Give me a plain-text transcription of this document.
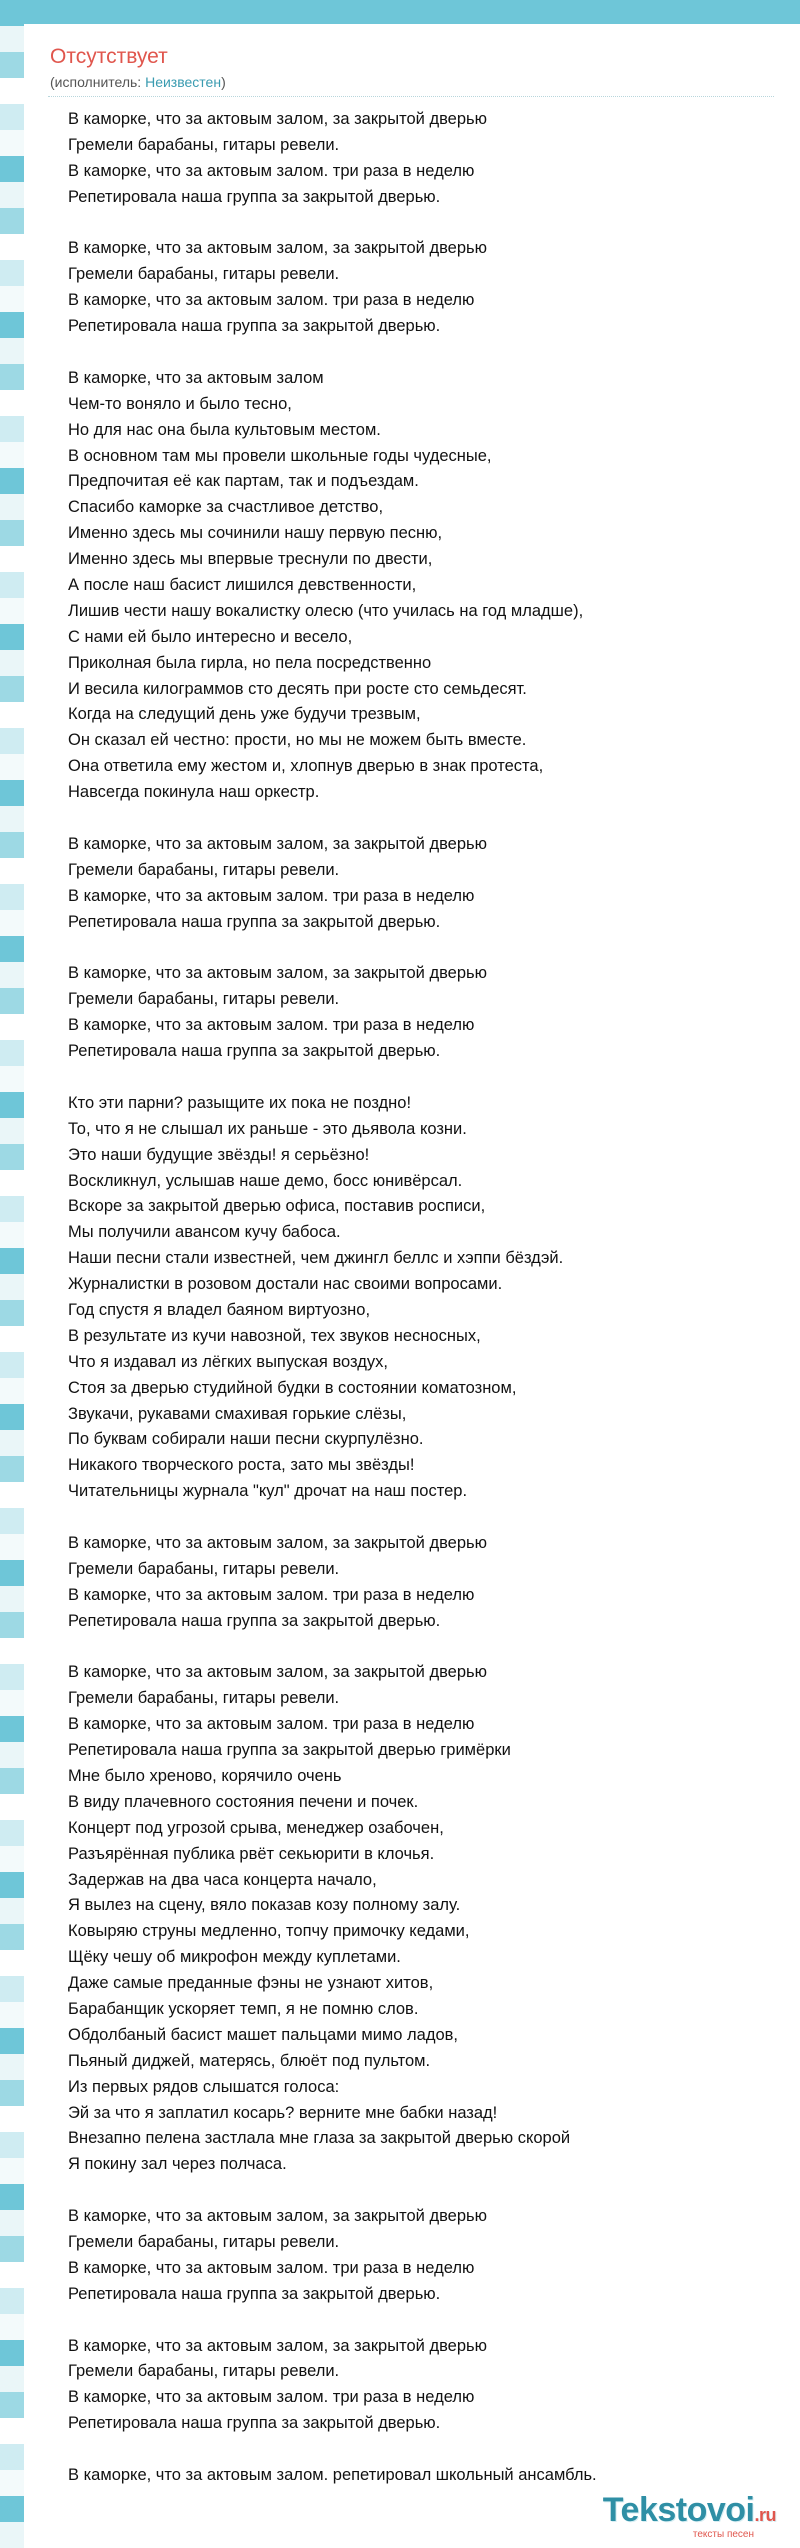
Отсутствует
(исполнитель: Неизвестен)
В каморке, что за актовым залом, за закрытой дверью
Гремели барабаны, гитары ревели.
В каморке, что за актовым залом. три раза в неделю
Репетировала наша группа за закрытой дверью.
В каморке, что за актовым залом, за закрытой дверью
Гремели барабаны, гитары ревели.
В каморке, что за актовым залом. три раза в неделю
Репетировала наша группа за закрытой дверью.
В каморке, что за актовым залом
Чем-то воняло и было тесно,
Но для нас она была культовым местом.
В основном там мы провели школьные годы чудесные,
Предпочитая её как партам, так и подъездам.
Спасибо каморке за счастливое детство,
Именно здесь мы сочинили нашу первую песню,
Именно здесь мы впервые треснули по двести,
А после наш басист лишился девственности,
Лишив чести нашу вокалистку олесю (что училась на год младше),
С нами ей было интересно и весело,
Приколная была гирла, но пела посредственно
И весила килограммов сто десять при росте сто семьдесят.
Когда на следущий день уже будучи трезвым,
Он сказал ей честно: прости, но мы не можем быть вместе.
Она ответила ему жестом и, хлопнув дверью в знак протеста,
Навсегда покинула наш оркестр.
В каморке, что за актовым залом, за закрытой дверью
Гремели барабаны, гитары ревели.
В каморке, что за актовым залом. три раза в неделю
Репетировала наша группа за закрытой дверью.
В каморке, что за актовым залом, за закрытой дверью
Гремели барабаны, гитары ревели.
В каморке, что за актовым залом. три раза в неделю
Репетировала наша группа за закрытой дверью.
Кто эти парни? разыщите их пока не поздно!
То, что я не слышал их раньше - это дьявола козни.
Это наши будущие звёзды! я серьёзно!
Воскликнул, услышав наше демо, босс юнивёрсал.
Вскоре за закрытой дверью офиса, поставив росписи,
Мы получили авансом кучу бабоса.
Наши песни стали известней, чем джингл беллс и хэппи бёздэй.
Журналистки в розовом достали нас своими вопросами.
Год спустя я владел баяном виртуозно,
В результате из кучи навозной, тех звуков несносных,
Что я издавал из лёгких выпуская воздух,
Стоя за дверью студийной будки в состоянии коматозном,
Звукачи, рукавами смахивая горькие слёзы,
По буквам собирали наши песни скурпулёзно.
Никакого творческого роста, зато мы звёзды!
Читательницы журнала "кул" дрочат на наш постер.
В каморке, что за актовым залом, за закрытой дверью
Гремели барабаны, гитары ревели.
В каморке, что за актовым залом. три раза в неделю
Репетировала наша группа за закрытой дверью.
В каморке, что за актовым залом, за закрытой дверью
Гремели барабаны, гитары ревели.
В каморке, что за актовым залом. три раза в неделю
Репетировала наша группа за закрытой дверью гримёрки
Мне было хреново, корячило очень
В виду плачевного состояния печени и почек.
Концерт под угрозой срыва, менеджер озабочен,
Разъярённая публика рвёт секьюрити в клочья.
Задержав на два часа концерта начало,
Я вылез на сцену, вяло показав козу полному залу.
Ковыряю струны медленно, топчу примочку кедами,
Щёку чешу об микрофон между куплетами.
Даже самые преданные фэны не узнают хитов,
Барабанщик ускоряет темп, я не помню слов.
Обдолбаный басист машет пальцами мимо ладов,
Пьяный диджей, матерясь, блюёт под пультом.
Из первых рядов слышатся голоса:
Эй за что я заплатил косарь? верните мне бабки назад!
Внезапно пелена застлала мне глаза за закрытой дверью скорой
Я покину зал через полчаса.
В каморке, что за актовым залом, за закрытой дверью
Гремели барабаны, гитары ревели.
В каморке, что за актовым залом. три раза в неделю
Репетировала наша группа за закрытой дверью.
В каморке, что за актовым залом, за закрытой дверью
Гремели барабаны, гитары ревели.
В каморке, что за актовым залом. три раза в неделю
Репетировала наша группа за закрытой дверью.
В каморке, что за актовым залом. репетировал школьный ансамбль.
Tekstovoi.ru
тексты песен
